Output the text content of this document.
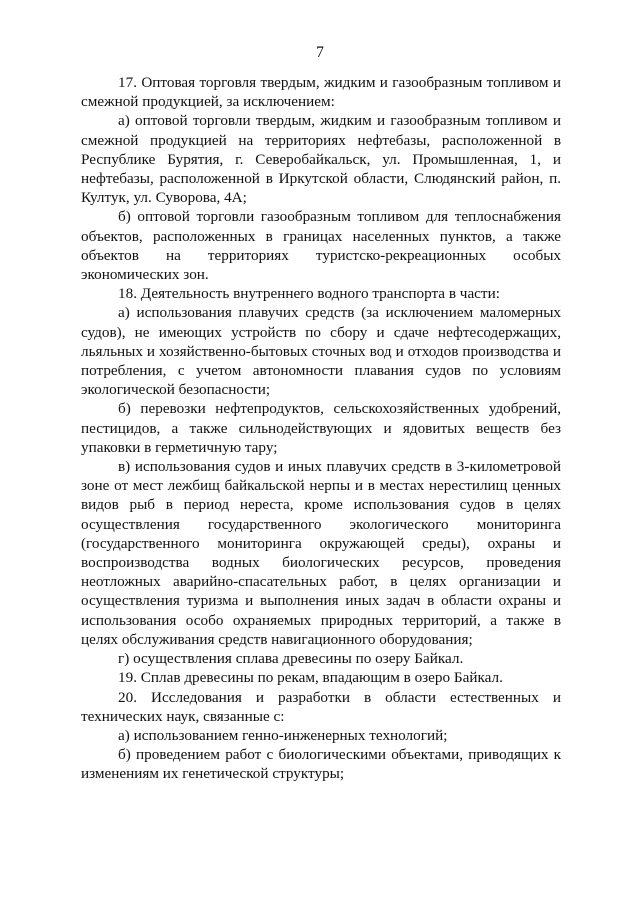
7

17. Оптовая торговля твердым, жидким и газообразным топливом и смежной продукцией, за исключением:

а) оптовой торговли твердым, жидким и газообразным топливом и смежной продукцией на территориях нефтебазы, расположенной в Республике Бурятия, г. Северобайкальск, ул. Промышленная, 1, и нефтебазы, расположенной в Иркутской области, Слюдянский район, п. Култук, ул. Суворова, 4А;

б) оптовой торговли газообразным топливом для теплоснабжения объектов, расположенных в границах населенных пунктов, а также объектов на территориях туристско-рекреационных особых экономических зон.

18. Деятельность внутреннего водного транспорта в части:

а) использования плавучих средств (за исключением маломерных судов), не имеющих устройств по сбору и сдаче нефтесодержащих, льяльных и хозяйственно-бытовых сточных вод и отходов производства и потребления, с учетом автономности плавания судов по условиям экологической безопасности;

б) перевозки нефтепродуктов, сельскохозяйственных удобрений, пестицидов, а также сильнодействующих и ядовитых веществ без упаковки в герметичную тару;

в) использования судов и иных плавучих средств в 3-километровой зоне от мест лежбищ байкальской нерпы и в местах нерестилищ ценных видов рыб в период нереста, кроме использования судов в целях осуществления государственного экологического мониторинга (государственного мониторинга окружающей среды), охраны и воспроизводства водных биологических ресурсов, проведения неотложных аварийно-спасательных работ, в целях организации и осуществления туризма и выполнения иных задач в области охраны и использования особо охраняемых природных территорий, а также в целях обслуживания средств навигационного оборудования;

г) осуществления сплава древесины по озеру Байкал.

19. Сплав древесины по рекам, впадающим в озеро Байкал.

20. Исследования и разработки в области естественных и технических наук, связанные с:

а) использованием генно-инженерных технологий;

б) проведением работ с биологическими объектами, приводящих к изменениям их генетической структуры;
